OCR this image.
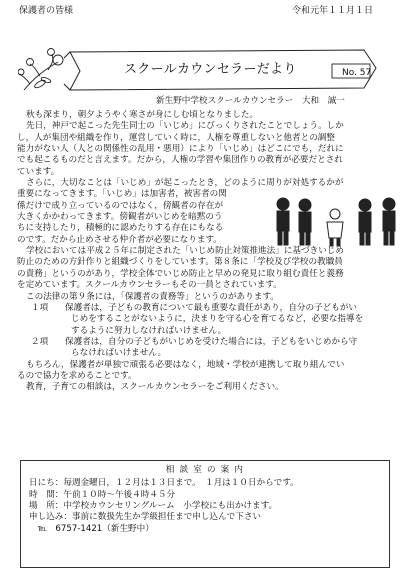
保護者の皆様	令和元年１１月１日
スクールカウンセラーだより	No. 57
新生野中学校スクールカウンセラー　大和　誠一

秋も深まり，朝夕ようやく寒さが身にしむ頃となりました。

先日，神戸で起こった先生同士の「いじめ」にびっくりされたことでしょう。しか
し，人が集団や組織を作り，運営していく時に，人権を尊重しないと他者との調整
能力がない人（人との関係性の乱用・悪用）により「いじめ」はどこにでも，だれに
でも起こるものだと言えます。だから，人権の学習や集団作りの教育が必要だとされ
ています。

さらに，大切なことは「いじめ」が起こったとき，どのように周りが対処するかが
重要になってきます。「いじめ」は加害者，被害者の関
係だけで成り立っているのではなく，傍観者の存在が
大きくかかわってきます。傍観者がいじめを暗黙のう
ちに支持したり，積極的に認めたりする存在にもなる
のです。だから止めさせる仲介者が必要になります。

学校においては平成２５年に制定された「いじめ防止対策推進法」に基づきいじめ
防止のための方針作りと組織づくりをしています。第８条に「学校及び学校の教職員
の責務」というのがあり，学校全体でいじめ防止と早めの発見に取り組む責任と義務
を定めています。スクールカウンセラーもその一員とされています。

この法律の第９条には，「保護者の責務等」というのがあります。

１項 保護者は，子どもの教育について最も重要な責任があり，自分の子どもがい
じめをすることがないように，決まりを守る心を育てるなど，必要な指導を
するように努力しなければいけません。

２項 保護者は，自分の子どもがいじめを受けた場合には，子どもをいじめから守
らなければいけません。

もちろん，保護者が単独で頑張る必要はなく，地域・学校が連携して取り組んでい
るので協力を求めることです。

教育，子育ての相談は，スクールカウンセラーをご利用ください。

相 談 室 の 案 内
日にち：毎週金曜日，１２月は１３日まで。　１月は１０日からです。
時　間：午前１０時～午後４時４５分
場　所：中学校カウンセリングルーム　小学校にも出かけます。
申し込み：事前に数扱先生か学級担任まで申し込んで下さい
　℡　6757-1421（新生野中）
